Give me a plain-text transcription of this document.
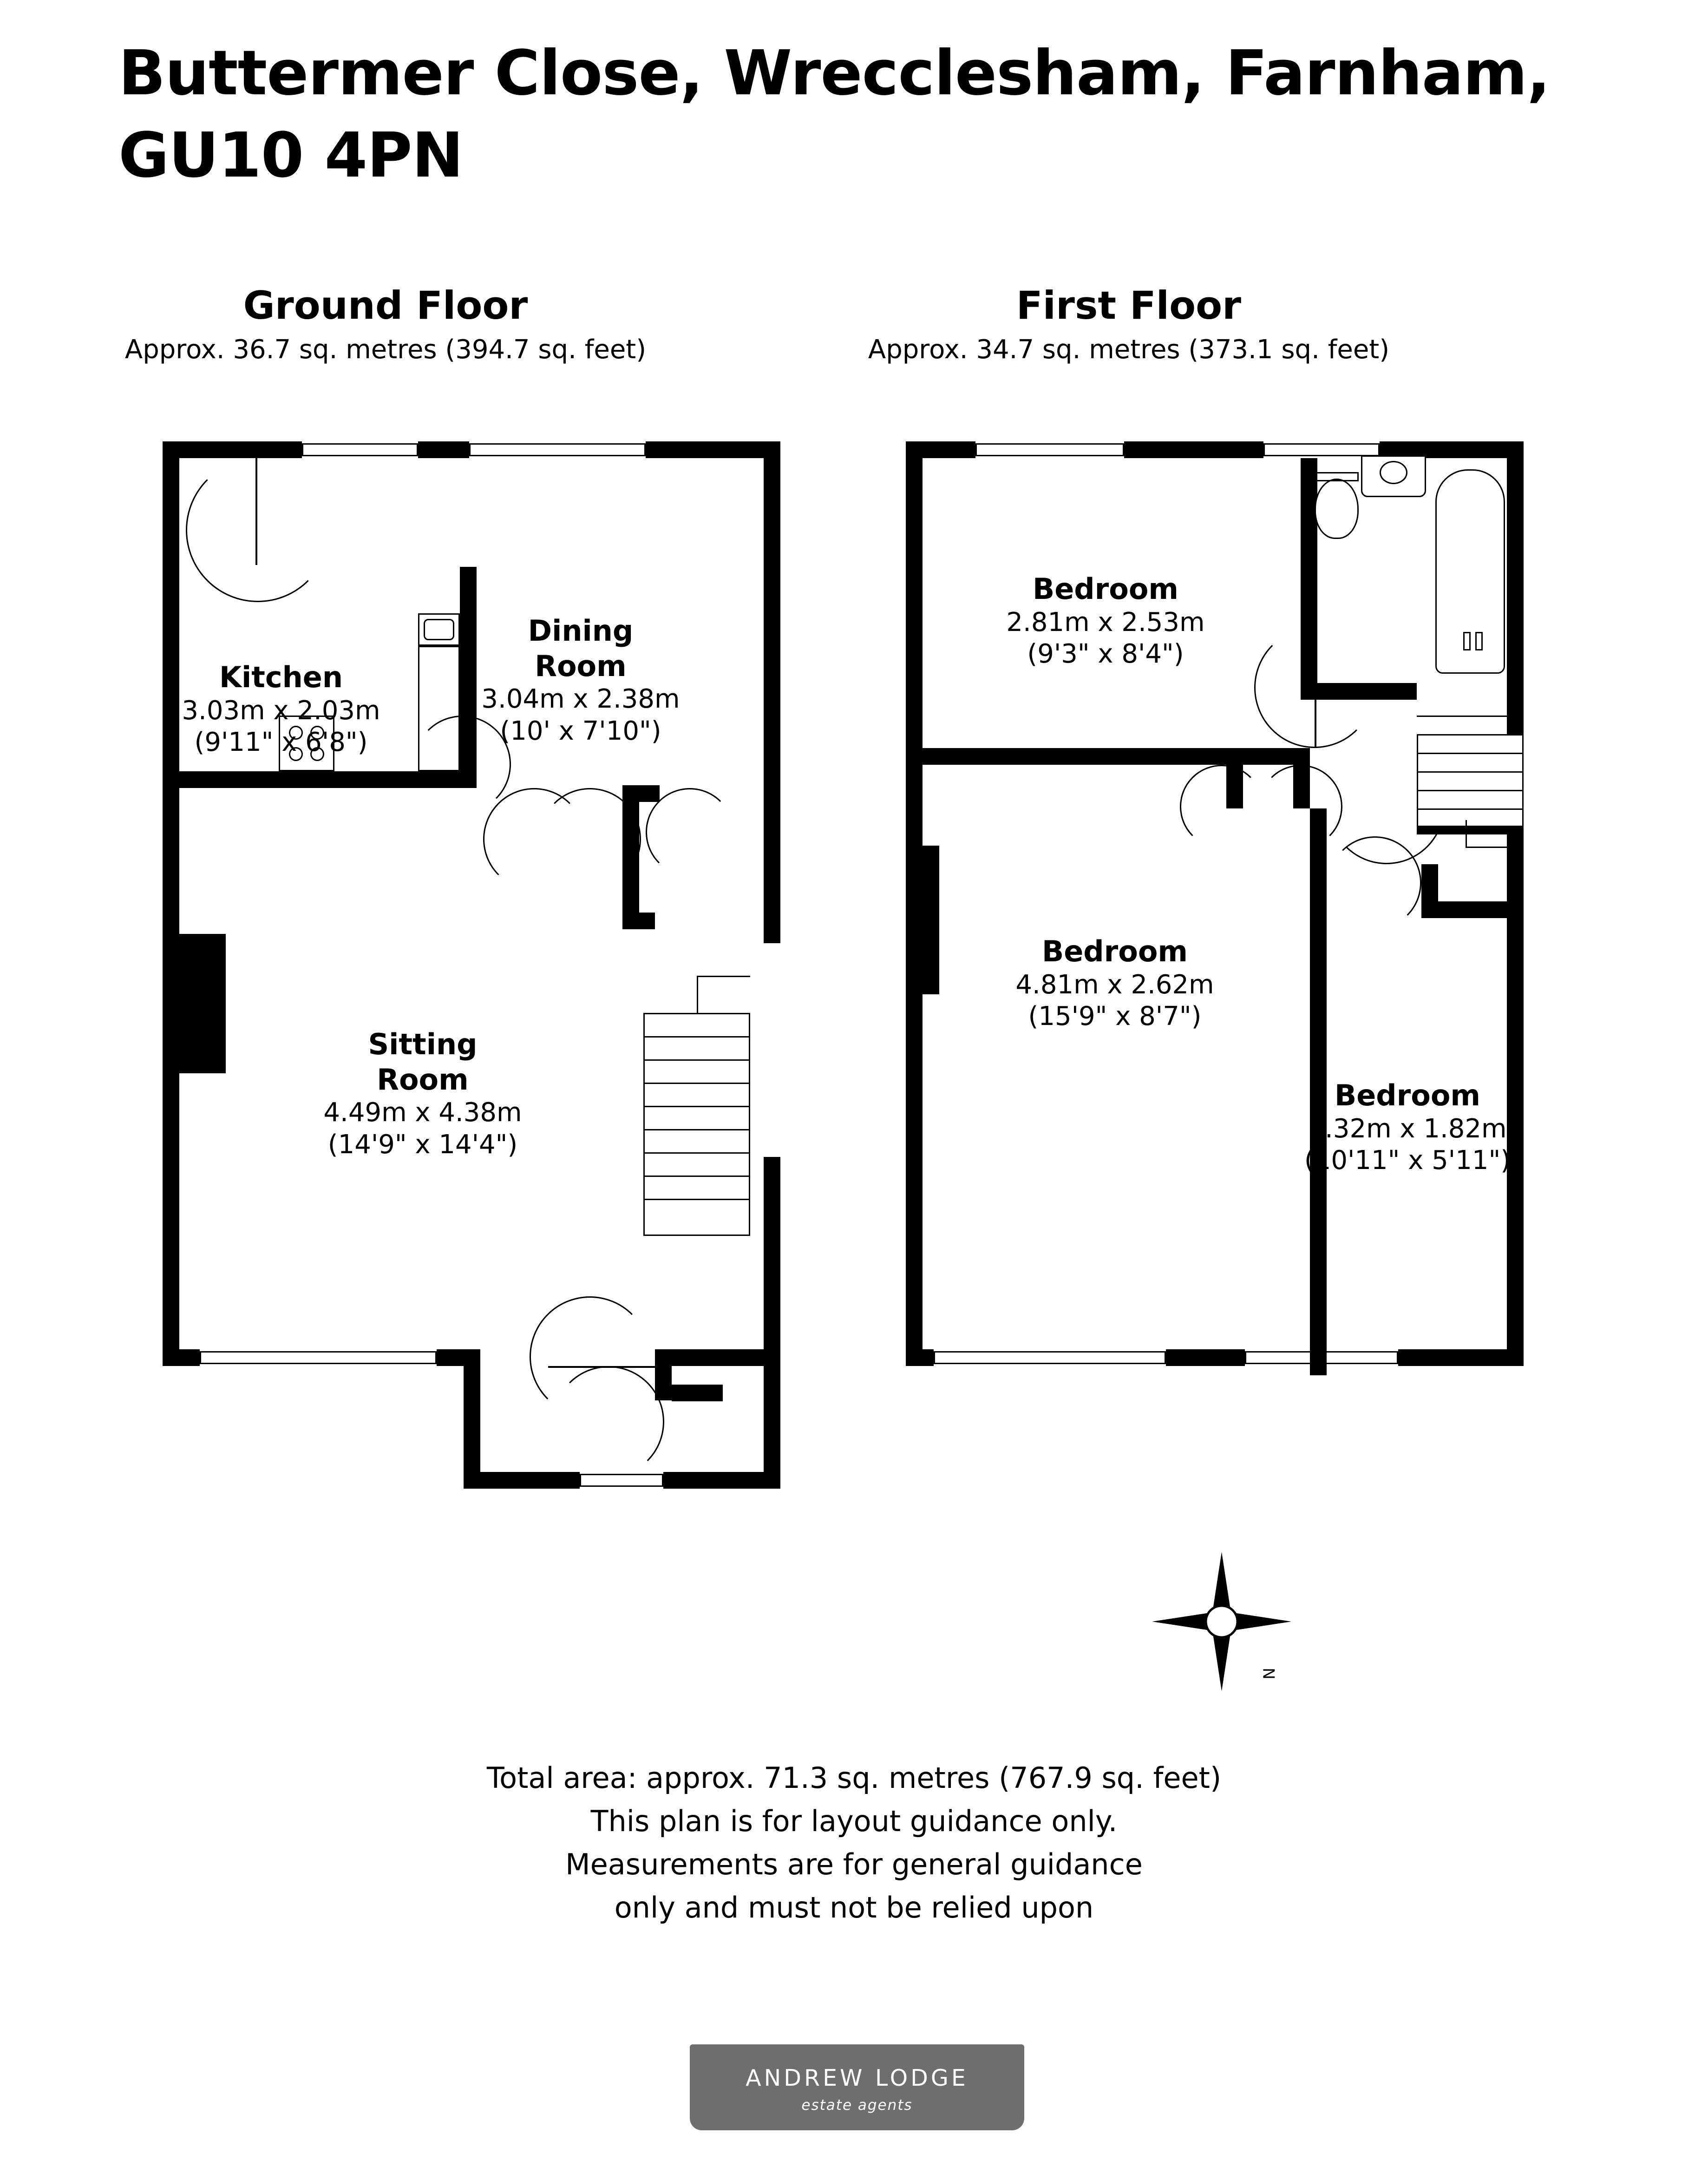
Buttermer Close, Wrecclesham, Farnham, GU10 4PN
Ground Floor
Approx. 36.7 sq. metres (394.7 sq. feet)
First Floor
Approx. 34.7 sq. metres (373.1 sq. feet)
Kitchen
3.03m x 2.03m
(9'11" x 6'8")
Dining
Room
3.04m x 2.38m
(10' x 7'10")
Sitting
Room
4.49m x 4.38m
(14'9" x 14'4")
Bedroom
2.81m x 2.53m
(9'3" x 8'4")
Bedroom
4.81m x 2.62m
(15'9" x 8'7")
Bedroom
3.32m x 1.82m
(10'11" x 5'11")
N
Total area: approx. 71.3 sq. metres (767.9 sq. feet)
This plan is for layout guidance only.
Measurements are for general guidance
only and must not be relied upon
ANDREW LODGE
estate agents
